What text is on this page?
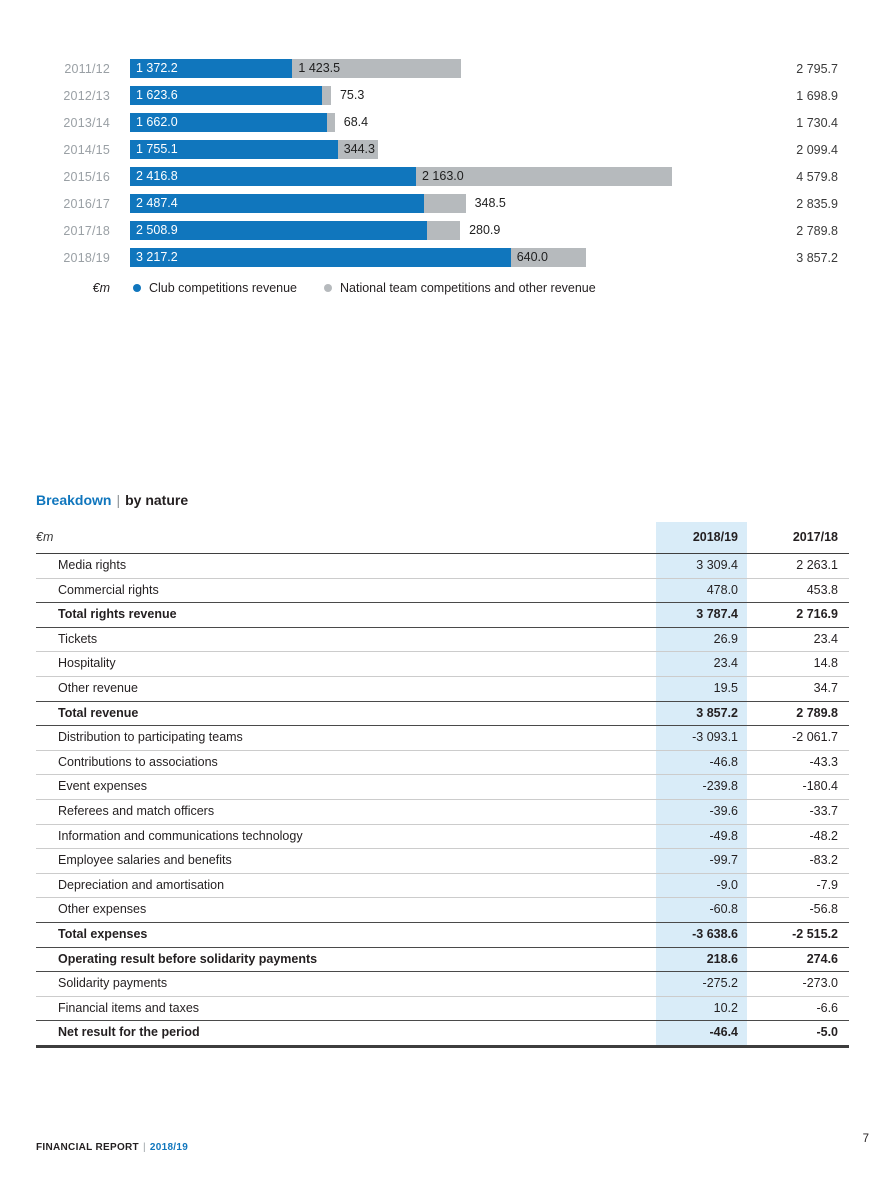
2011/12	1 372.2	1 423.5	2 795.7
2012/13	1 623.6	75.3	1 698.9
2013/14	1 662.0	68.4	1 730.4
2014/15	1 755.1	344.3	2 099.4
2015/16	2 416.8	2 163.0	4 579.8
2016/17	2 487.4	348.5	2 835.9
2017/18	2 508.9	280.9	2 789.8
2018/19	3 217.2	640.0	3 857.2
€m	Club competitions revenue	National team competitions and other revenue
Breakdown | by nature
€m	2018/19	2017/18
Media rights	3 309.4	2 263.1
Commercial rights	478.0	453.8
Total rights revenue	3 787.4	2 716.9
Tickets	26.9	23.4
Hospitality	23.4	14.8
Other revenue	19.5	34.7
Total revenue	3 857.2	2 789.8
Distribution to participating teams	-3 093.1	-2 061.7
Contributions to associations	-46.8	-43.3
Event expenses	-239.8	-180.4
Referees and match officers	-39.6	-33.7
Information and communications technology	-49.8	-48.2
Employee salaries and benefits	-99.7	-83.2
Depreciation and amortisation	-9.0	-7.9
Other expenses	-60.8	-56.8
Total expenses	-3 638.6	-2 515.2
Operating result before solidarity payments	218.6	274.6
Solidarity payments	-275.2	-273.0
Financial items and taxes	10.2	-6.6
Net result for the period	-46.4	-5.0
FINANCIAL REPORT | 2018/19
7
